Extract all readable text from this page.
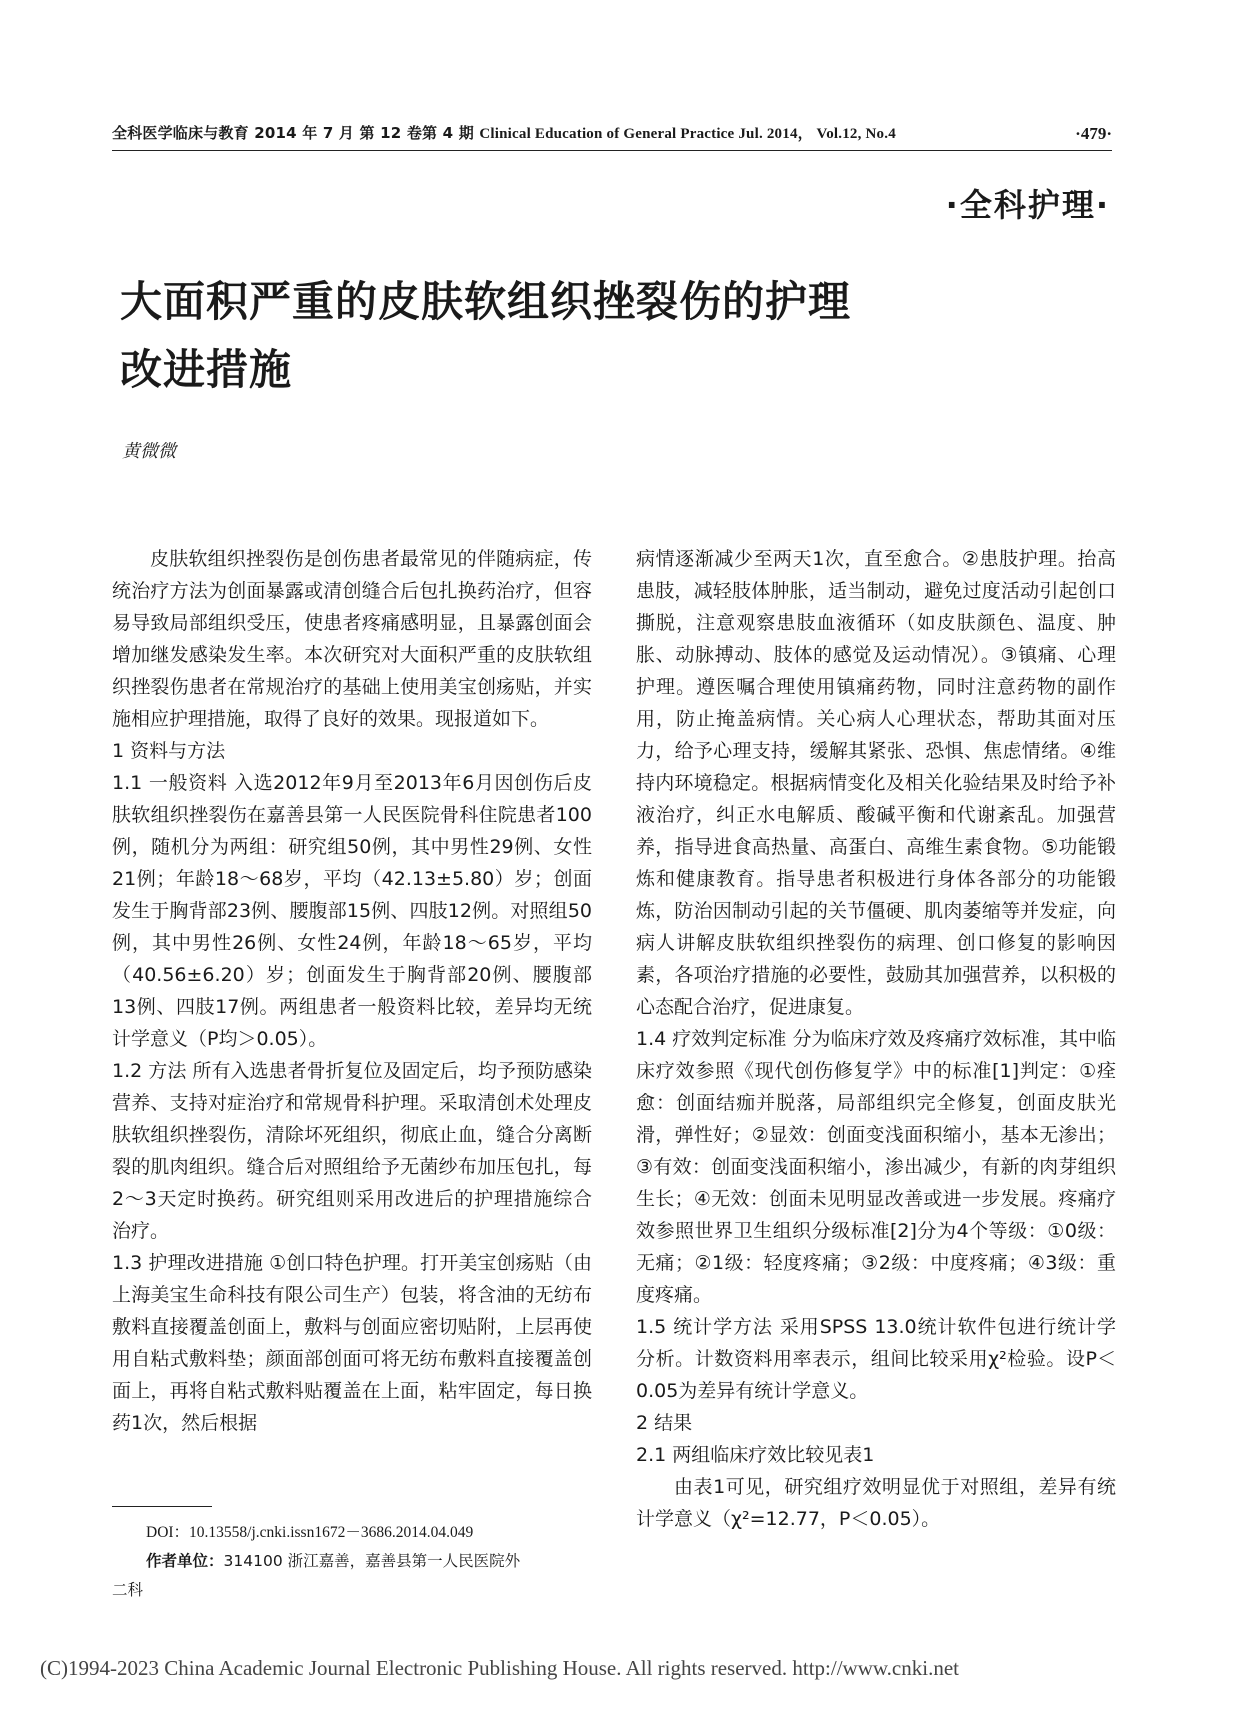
全科医学临床与教育 2014 年 7 月 第 12 卷第 4 期 Clinical Education of General Practice Jul. 2014， Vol.12, No.4	·479·
·全科护理·
大面积严重的皮肤软组织挫裂伤的护理
改进措施
黄微微

皮肤软组织挫裂伤是创伤患者最常见的伴随病症，传统治疗方法为创面暴露或清创缝合后包扎换药治疗，但容易导致局部组织受压，使患者疼痛感明显，且暴露创面会增加继发感染发生率。本次研究对大面积严重的皮肤软组织挫裂伤患者在常规治疗的基础上使用美宝创疡贴，并实施相应护理措施，取得了良好的效果。现报道如下。

1 资料与方法

1.1 一般资料 入选2012年9月至2013年6月因创伤后皮肤软组织挫裂伤在嘉善县第一人民医院骨科住院患者100例，随机分为两组：研究组50例，其中男性29例、女性21例；年龄18～68岁，平均（42.13±5.80）岁；创面发生于胸背部23例、腰腹部15例、四肢12例。对照组50例，其中男性26例、女性24例，年龄18～65岁，平均（40.56±6.20）岁；创面发生于胸背部20例、腰腹部13例、四肢17例。两组患者一般资料比较，差异均无统计学意义（P均＞0.05）。

1.2 方法 所有入选患者骨折复位及固定后，均予预防感染营养、支持对症治疗和常规骨科护理。采取清创术处理皮肤软组织挫裂伤，清除坏死组织，彻底止血，缝合分离断裂的肌肉组织。缝合后对照组给予无菌纱布加压包扎，每2～3天定时换药。研究组则采用改进后的护理措施综合治疗。

1.3 护理改进措施 ①创口特色护理。打开美宝创疡贴（由上海美宝生命科技有限公司生产）包装，将含油的无纺布敷料直接覆盖创面上，敷料与创面应密切贴附，上层再使用自粘式敷料垫；颜面部创面可将无纺布敷料直接覆盖创面上，再将自粘式敷料贴覆盖在上面，粘牢固定，每日换药1次，然后根据

病情逐渐减少至两天1次，直至愈合。②患肢护理。抬高患肢，减轻肢体肿胀，适当制动，避免过度活动引起创口撕脱，注意观察患肢血液循环（如皮肤颜色、温度、肿胀、动脉搏动、肢体的感觉及运动情况）。③镇痛、心理护理。遵医嘱合理使用镇痛药物，同时注意药物的副作用，防止掩盖病情。关心病人心理状态，帮助其面对压力，给予心理支持，缓解其紧张、恐惧、焦虑情绪。④维持内环境稳定。根据病情变化及相关化验结果及时给予补液治疗，纠正水电解质、酸碱平衡和代谢紊乱。加强营养，指导进食高热量、高蛋白、高维生素食物。⑤功能锻炼和健康教育。指导患者积极进行身体各部分的功能锻炼，防治因制动引起的关节僵硬、肌肉萎缩等并发症，向病人讲解皮肤软组织挫裂伤的病理、创口修复的影响因素，各项治疗措施的必要性，鼓励其加强营养，以积极的心态配合治疗，促进康复。

1.4 疗效判定标准 分为临床疗效及疼痛疗效标准，其中临床疗效参照《现代创伤修复学》中的标准[1]判定：①痊愈：创面结痂并脱落，局部组织完全修复，创面皮肤光滑，弹性好；②显效：创面变浅面积缩小，基本无渗出；③有效：创面变浅面积缩小，渗出减少，有新的肉芽组织生长；④无效：创面未见明显改善或进一步发展。疼痛疗效参照世界卫生组织分级标准[2]分为4个等级：①0级：无痛；②1级：轻度疼痛；③2级：中度疼痛；④3级：重度疼痛。

1.5 统计学方法 采用SPSS 13.0统计软件包进行统计学分析。计数资料用率表示，组间比较采用χ²检验。设P＜0.05为差异有统计学意义。

2 结果

2.1 两组临床疗效比较见表1

由表1可见，研究组疗效明显优于对照组，差异有统计学意义（χ²=12.77，P＜0.05）。

DOI：10.13558/j.cnki.issn1672－3686.2014.04.049
作者单位：314100 浙江嘉善，嘉善县第一人民医院外
二科
(C)1994-2023 China Academic Journal Electronic Publishing House. All rights reserved. http://www.cnki.net
